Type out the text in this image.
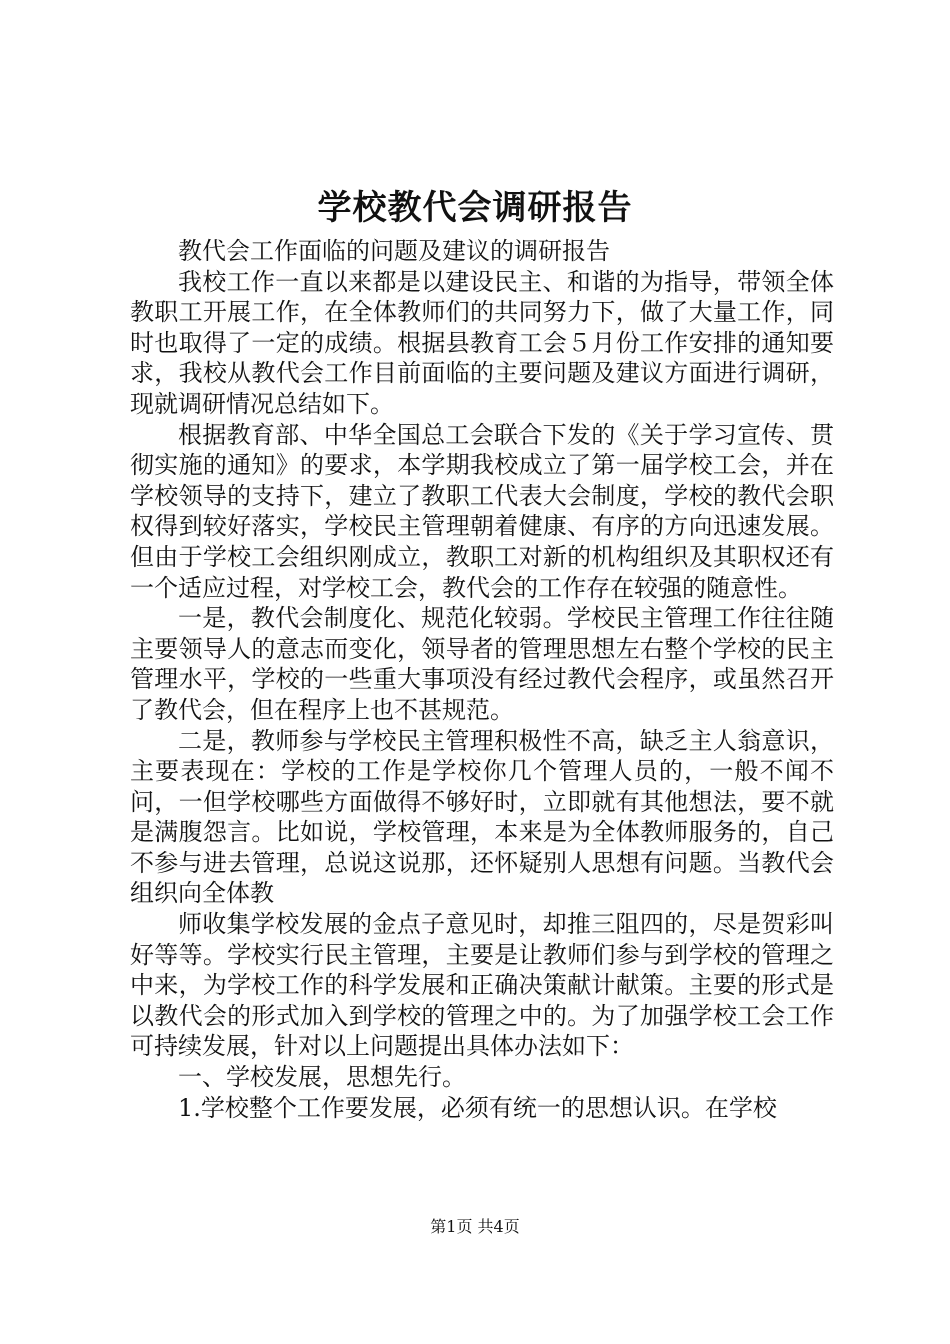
学校教代会调研报告

教代会工作面临的问题及建议的调研报告

我校工作一直以来都是以建设民主、和谐的为指导，带领全体教职工开展工作，在全体教师们的共同努力下，做了大量工作，同时也取得了一定的成绩。根据县教育工会５月份工作安排的通知要求，我校从教代会工作目前面临的主要问题及建议方面进行调研，现就调研情况总结如下。

根据教育部、中华全国总工会联合下发的《关于学习宣传、贯彻实施的通知》的要求，本学期我校成立了第一届学校工会，并在学校领导的支持下，建立了教职工代表大会制度，学校的教代会职权得到较好落实，学校民主管理朝着健康、有序的方向迅速发展。但由于学校工会组织刚成立，教职工对新的机构组织及其职权还有一个适应过程，对学校工会，教代会的工作存在较强的随意性。

一是，教代会制度化、规范化较弱。学校民主管理工作往往随主要领导人的意志而变化，领导者的管理思想左右整个学校的民主管理水平，学校的一些重大事项没有经过教代会程序，或虽然召开了教代会，但在程序上也不甚规范。

二是，教师参与学校民主管理积极性不高，缺乏主人翁意识，主要表现在：学校的工作是学校你几个管理人员的，一般不闻不问，一但学校哪些方面做得不够好时，立即就有其他想法，要不就是满腹怨言。比如说，学校管理，本来是为全体教师服务的，自己不参与进去管理，总说这说那，还怀疑别人思想有问题。当教代会组织向全体教

师收集学校发展的金点子意见时，却推三阻四的，尽是贺彩叫好等等。学校实行民主管理，主要是让教师们参与到学校的管理之中来，为学校工作的科学发展和正确决策献计献策。主要的形式是以教代会的形式加入到学校的管理之中的。为了加强学校工会工作可持续发展，针对以上问题提出具体办法如下：

一、学校发展，思想先行。

1.学校整个工作要发展，必须有统一的思想认识。在学校

第1页 共4页
